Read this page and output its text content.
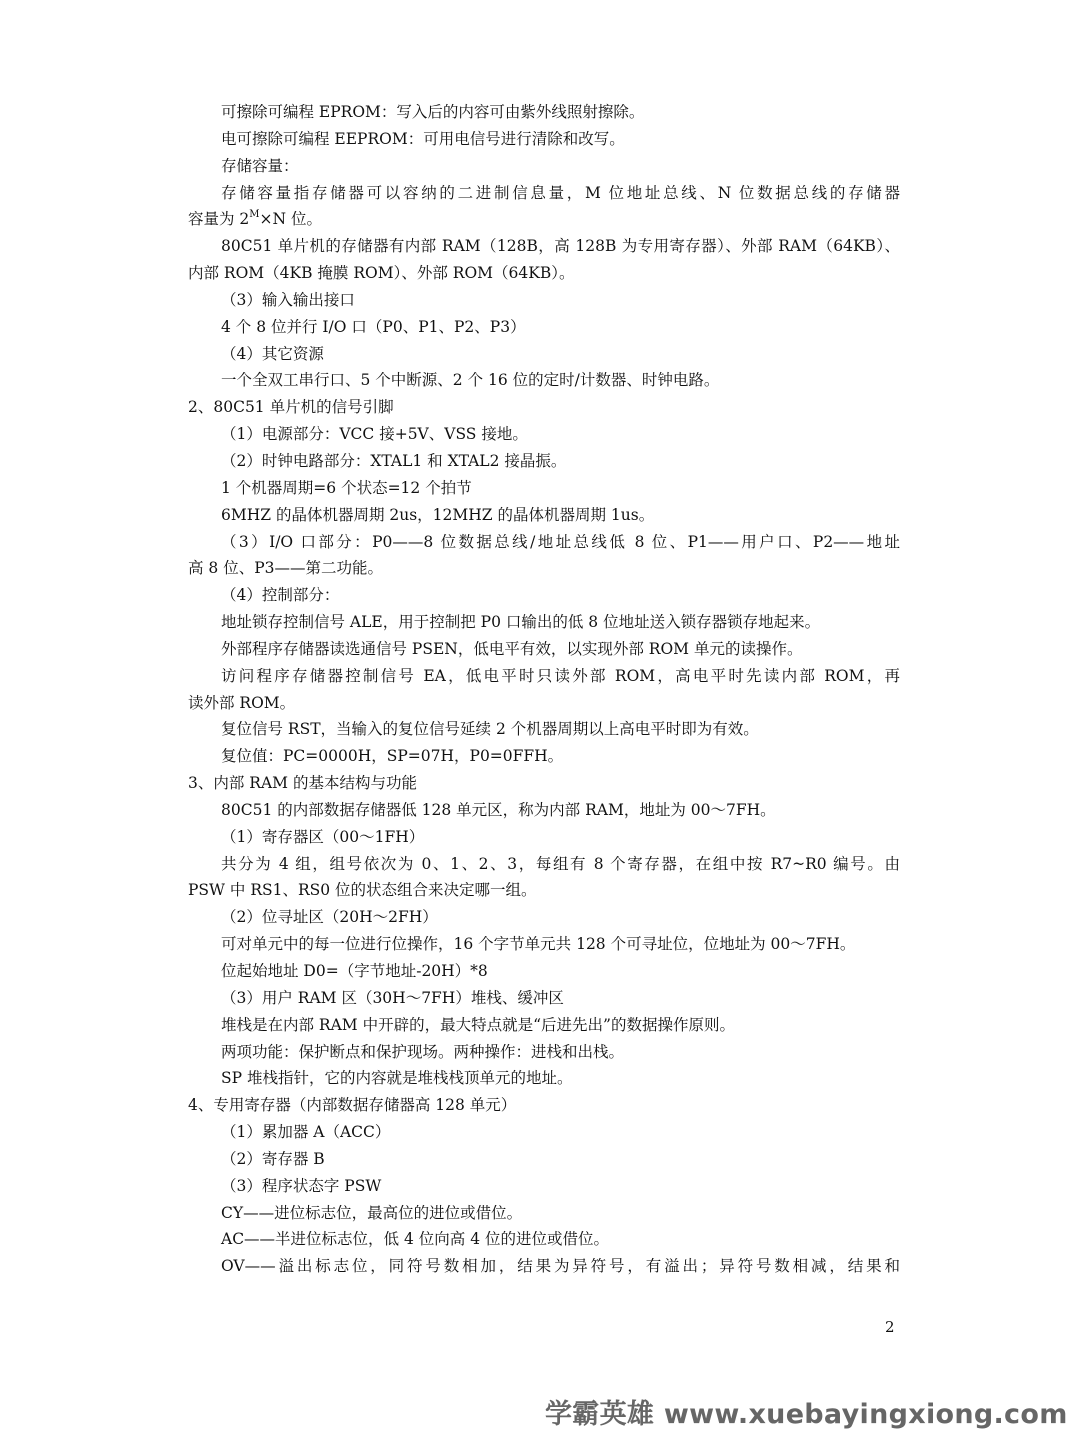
可擦除可编程 EPROM：写入后的内容可由紫外线照射擦除。
电可擦除可编程 EEPROM：可用电信号进行清除和改写。
存储容量：
存储容量指存储器可以容纳的二进制信息量，M 位地址总线、N 位数据总线的存储器
容量为 $2^M\times N$ 位。
80C51 单片机的存储器有内部 RAM（128B，高 128B 为专用寄存器）、外部 RAM（64KB）、
内部 ROM（4KB 掩膜 ROM）、外部 ROM（64KB）。
（3）输入输出接口
4 个 8 位并行 I/O 口（P0、P1、P2、P3）
（4）其它资源
一个全双工串行口、5 个中断源、2 个 16 位的定时/计数器、时钟电路。
2、80C51 单片机的信号引脚
（1）电源部分：VCC 接+5V、VSS 接地。
（2）时钟电路部分：XTAL1 和 XTAL2 接晶振。
1 个机器周期=6 个状态=12 个拍节
6MHZ 的晶体机器周期 2us，12MHZ 的晶体机器周期 1us。
（3）I/O 口部分：P0——8 位数据总线/地址总线低 8 位、P1——用户口、P2——地址
高 8 位、P3——第二功能。
（4）控制部分：
地址锁存控制信号 ALE，用于控制把 P0 口输出的低 8 位地址送入锁存器锁存地起来。
外部程序存储器读选通信号 PSEN，低电平有效，以实现外部 ROM 单元的读操作。
访问程序存储器控制信号 EA，低电平时只读外部 ROM，高电平时先读内部 ROM，再
读外部 ROM。
复位信号 RST，当输入的复位信号延续 2 个机器周期以上高电平时即为有效。
复位值：PC=0000H，SP=07H，P0=0FFH。
3、内部 RAM 的基本结构与功能
80C51 的内部数据存储器低 128 单元区，称为内部 RAM，地址为 00～7FH。
（1）寄存器区（00～1FH）
共分为 4 组，组号依次为 0、1、2、3，每组有 8 个寄存器，在组中按 R7~R0 编号。由
PSW 中 RS1、RS0 位的状态组合来决定哪一组。
（2）位寻址区（20H～2FH）
可对单元中的每一位进行位操作，16 个字节单元共 128 个可寻址位，位地址为 00～7FH。
位起始地址 D0=（字节地址-20H）*8
（3）用户 RAM 区（30H～7FH）堆栈、缓冲区
堆栈是在内部 RAM 中开辟的，最大特点就是“后进先出”的数据操作原则。
两项功能：保护断点和保护现场。两种操作：进栈和出栈。
SP 堆栈指针，它的内容就是堆栈栈顶单元的地址。
4、专用寄存器（内部数据存储器高 128 单元）
（1）累加器 A（ACC）
（2）寄存器 B
（3）程序状态字 PSW
CY——进位标志位，最高位的进位或借位。
AC——半进位标志位，低 4 位向高 4 位的进位或借位。
OV——溢出标志位，同符号数相加，结果为异符号，有溢出；异符号数相减，结果和
2
学霸英雄 www.xuebayingxiong.com
